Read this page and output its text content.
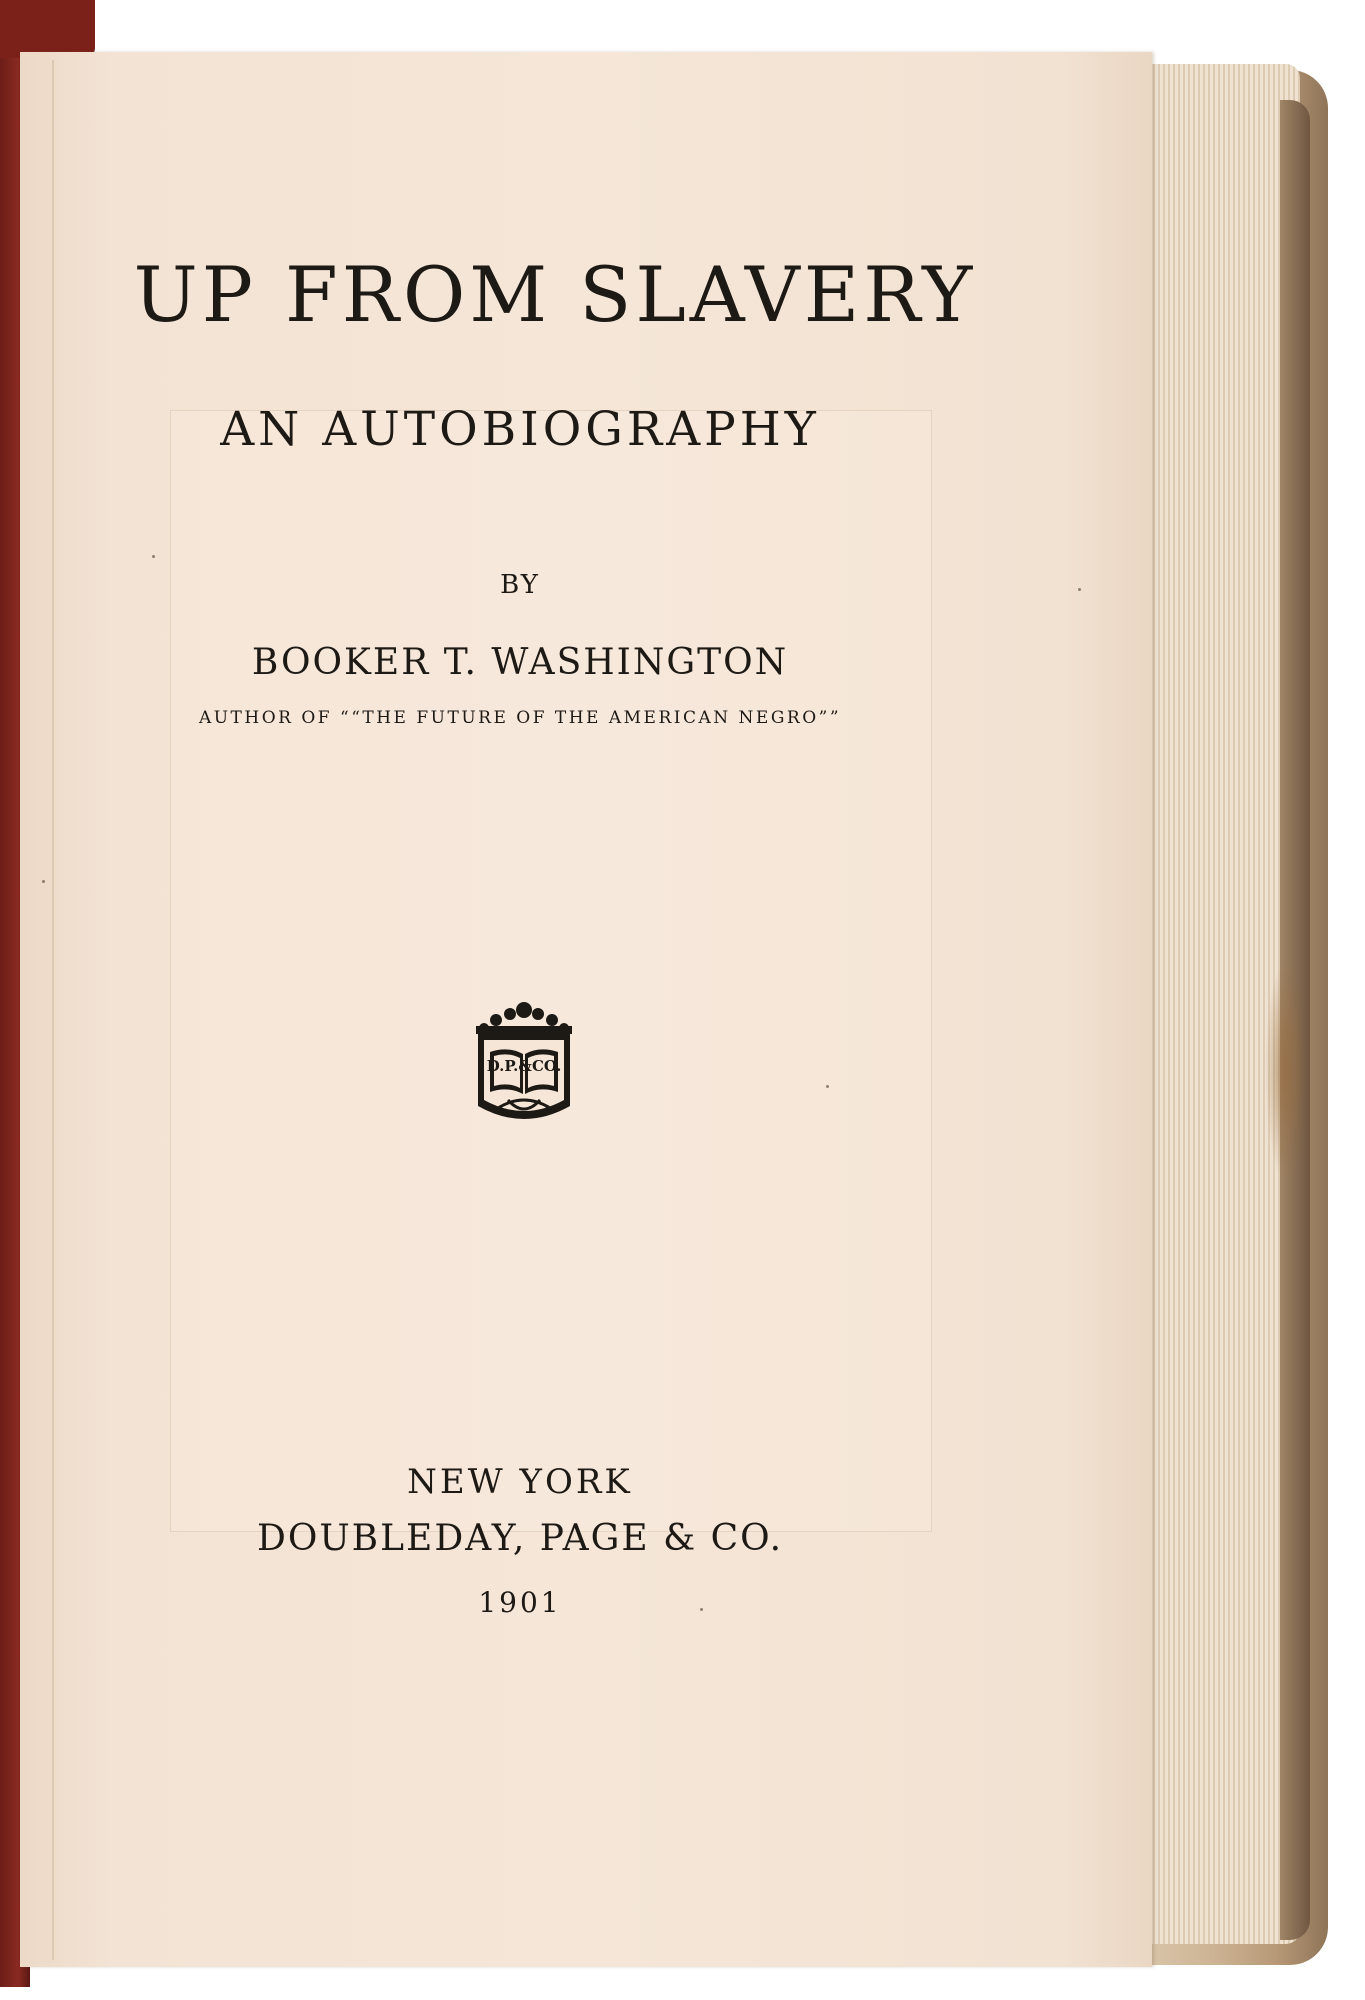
UP FROM SLAVERY
AN AUTOBIOGRAPHY
BY
BOOKER T. WASHINGTON
AUTHOR OF ““THE FUTURE OF THE AMERICAN NEGRO””
D.P.&CO.
NEW YORK
DOUBLEDAY, PAGE & CO.
1901
